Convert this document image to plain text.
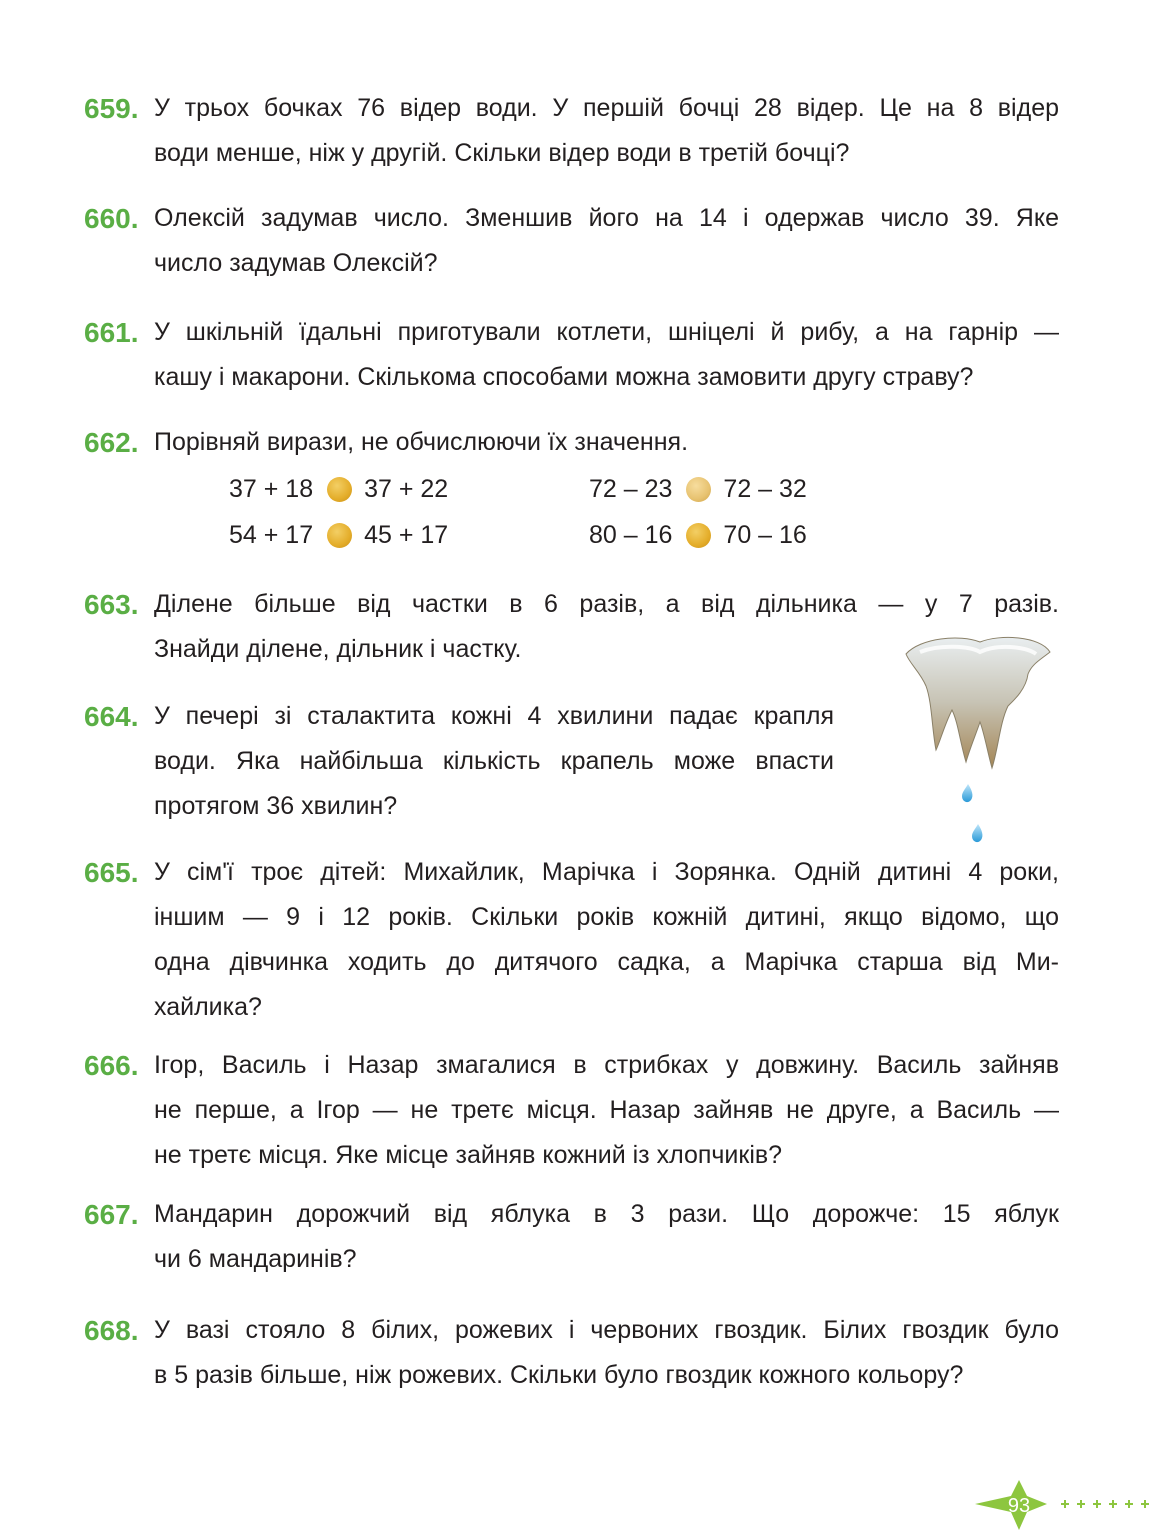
659. У трьох бочках 76 відер води. У першій бочці 28 відер. Це на 8 відер
води менше, ніж у другій. Скільки відер води в третій бочці?
660. Олексій задумав число. Зменшив його на 14 і одержав число 39. Яке
число задумав Олексій?
661. У шкільній їдальні приготували котлети, шніцелі й рибу, а на гарнір —
кашу і макарони. Скількома способами можна замовити другу страву?
662. Порівняй вирази, не обчислюючи їх значення.
37 + 18 37 + 22	72 – 23 72 – 32
54 + 17 45 + 17	80 – 16 70 – 16
663. Ділене більше від частки в 6 разів, а від дільника — у 7 разів.
Знайди ділене, дільник і частку.
664. У печері зі сталактита кожні 4 хвилини падає крапля
води. Яка найбільша кількість крапель може впасти
протягом 36 хвилин?
665. У сім'ї троє дітей: Михайлик, Марічка і Зорянка. Одній дитині 4 роки,
іншим — 9 і 12 років. Скільки років кожній дитині, якщо відомо, що
одна дівчинка ходить до дитячого садка, а Марічка старша від Ми-
хайлика?
666. Ігор, Василь і Назар змагалися в стрибках у довжину. Василь зайняв
не перше, а Ігор — не третє місця. Назар зайняв не друге, а Василь —
не третє місця. Яке місце зайняв кожний із хлопчиків?
667. Мандарин дорожчий від яблука в 3 рази. Що дорожче: 15 яблук
чи 6 мандаринів?
668. У вазі стояло 8 білих, рожевих і червоних гвоздик. Білих гвоздик було
в 5 разів більше, ніж рожевих. Скільки було гвоздик кожного кольору?
93
